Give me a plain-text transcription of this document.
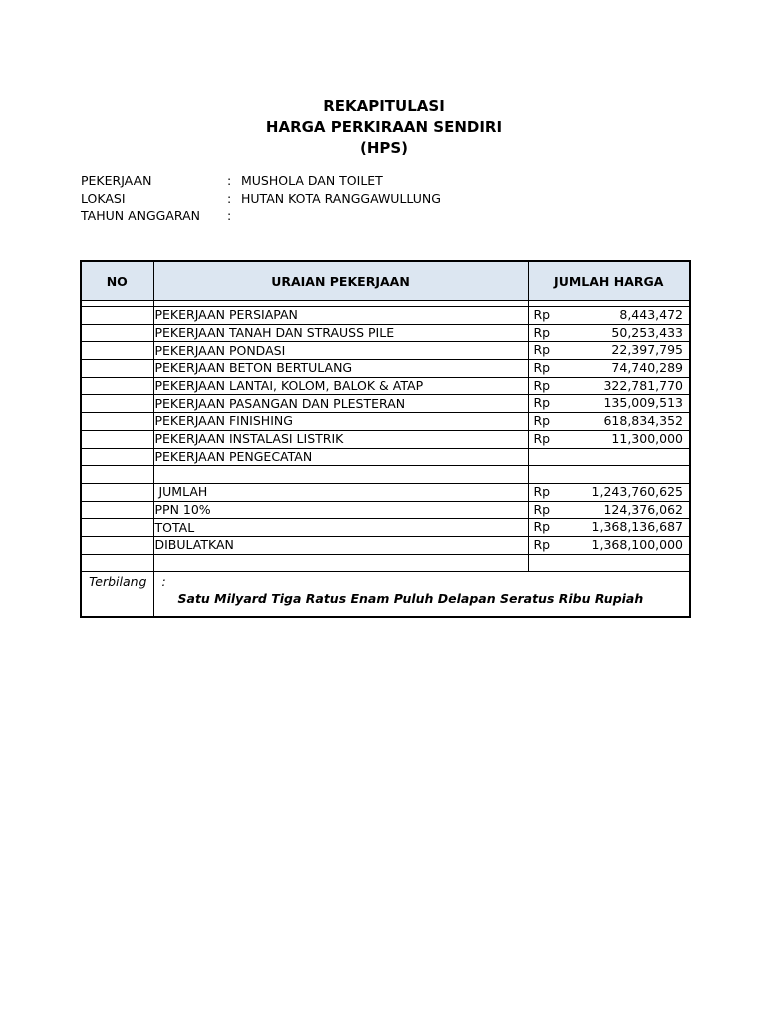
REKAPITULASI
HARGA PERKIRAAN SENDIRI
(HPS)
PEKERJAAN	: MUSHOLA DAN TOILET
LOKASI	: HUTAN KOTA RANGGAWULLUNG
TAHUN ANGGARAN :
NO	URAIAN PEKERJAAN	JUMLAH HARGA

	PEKERJAAN PERSIAPAN	Rp 8,443,472

	PEKERJAAN TANAH DAN STRAUSS PILE	Rp 50,253,433

	PEKERJAAN PONDASI	Rp 22,397,795

	PEKERJAAN BETON BERTULANG	Rp 74,740,289

	PEKERJAAN LANTAI, KOLOM, BALOK & ATAP	Rp 322,781,770

	PEKERJAAN PASANGAN DAN PLESTERAN	Rp 135,009,513

	PEKERJAAN FINISHING	Rp 618,834,352

	PEKERJAAN INSTALASI LISTRIK	Rp 11,300,000

	PEKERJAAN PENGECATAN	

	JUMLAH	Rp 1,243,760,625

	PPN 10%	Rp 124,376,062

	TOTAL	Rp 1,368,136,687

	DIBULATKAN	Rp 1,368,100,000

Terbilang	:
Satu Milyard Tiga Ratus Enam Puluh Delapan Seratus Ribu Rupiah	
